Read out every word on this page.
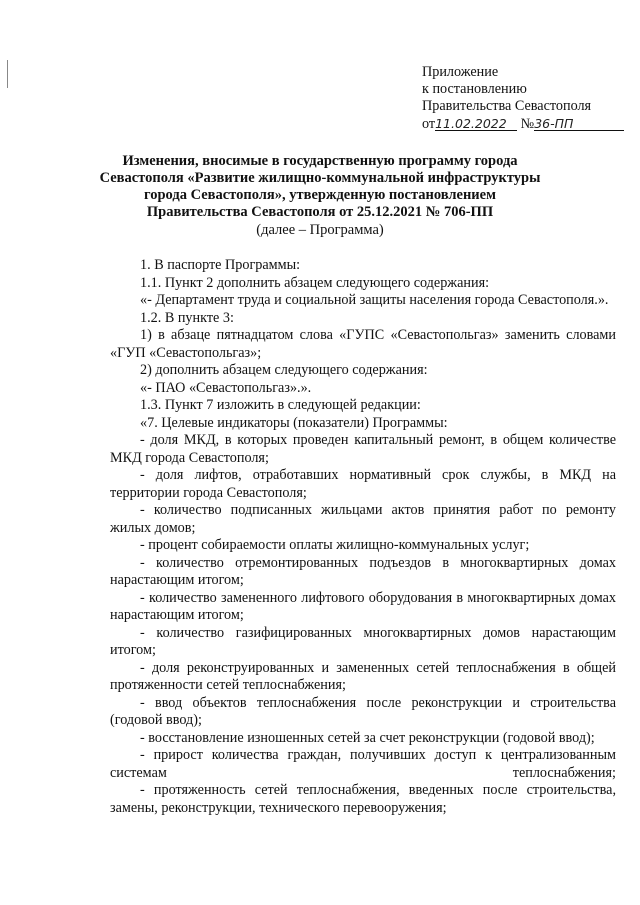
Приложение
к постановлению
Правительства Севастополя
от11.02.2022 №36-ПП
Изменения, вносимые в государственную программу города Севастополя «Развитие жилищно-коммунальной инфраструктуры города Севастополя», утвержденную постановлением Правительства Севастополя от 25.12.2021 № 706-ПП
(далее – Программа)

1. В паспорте Программы:

1.1. Пункт 2 дополнить абзацем следующего содержания:

«- Департамент труда и социальной защиты населения города Севастополя.».

1.2. В пункте 3:

1) в абзаце пятнадцатом слова «ГУПС «Севастопольгаз» заменить словами «ГУП «Севастопольгаз»;

2) дополнить абзацем следующего содержания:

«- ПАО «Севастопольгаз».».

1.3. Пункт 7 изложить в следующей редакции:

«7. Целевые индикаторы (показатели) Программы:

- доля МКД, в которых проведен капитальный ремонт, в общем количестве МКД города Севастополя;

- доля лифтов, отработавших нормативный срок службы, в МКД на территории города Севастополя;

- количество подписанных жильцами актов принятия работ по ремонту жилых домов;

- процент собираемости оплаты жилищно-коммунальных услуг;

- количество отремонтированных подъездов в многоквартирных домах нарастающим итогом;

- количество замененного лифтового оборудования в многоквартирных домах нарастающим итогом;

- количество газифицированных многоквартирных домов нарастающим итогом;

- доля реконструированных и замененных сетей теплоснабжения в общей протяженности сетей теплоснабжения;

- ввод объектов теплоснабжения после реконструкции и строительства (годовой ввод);

- восстановление изношенных сетей за счет реконструкции (годовой ввод);

- прирост количества граждан, получивших доступ к централизованным системам теплоснабжения;

- протяженность сетей теплоснабжения, введенных после строительства, замены, реконструкции, технического перевооружения;
